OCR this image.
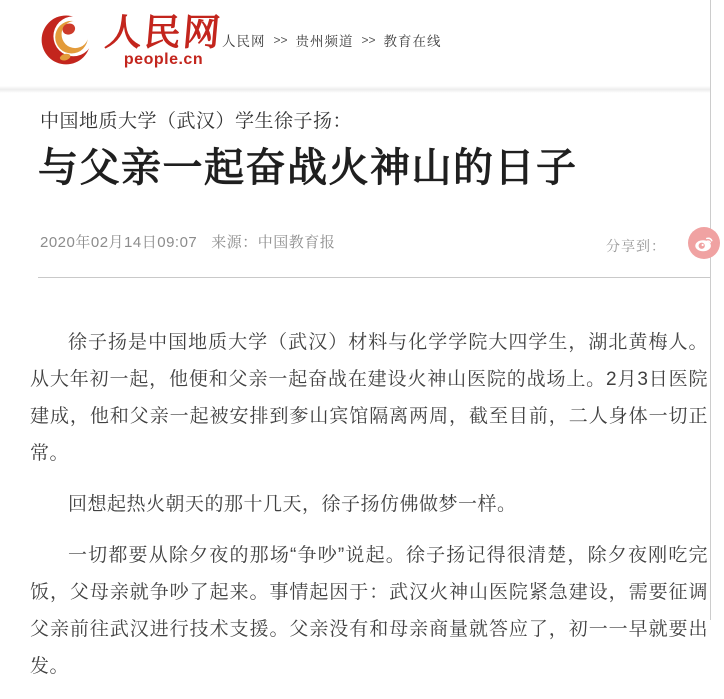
人民网
people.cn
人民网 >> 贵州频道 >> 教育在线
中国地质大学（武汉）学生徐子扬：
与父亲一起奋战火神山的日子
2020年02月14日09:07 来源：中国教育报	分享到：

徐子扬是中国地质大学（武汉）材料与化学学院大四学生，湖北黄梅人。从大年初一起，他便和父亲一起奋战在建设火神山医院的战场上。2月3日医院建成，他和父亲一起被安排到奓山宾馆隔离两周，截至目前，二人身体一切正常。

回想起热火朝天的那十几天，徐子扬仿佛做梦一样。

一切都要从除夕夜的那场“争吵”说起。徐子扬记得很清楚，除夕夜刚吃完饭，父母亲就争吵了起来。事情起因于：武汉火神山医院紧急建设，需要征调父亲前往武汉进行技术支援。父亲没有和母亲商量就答应了，初一一早就要出发。
